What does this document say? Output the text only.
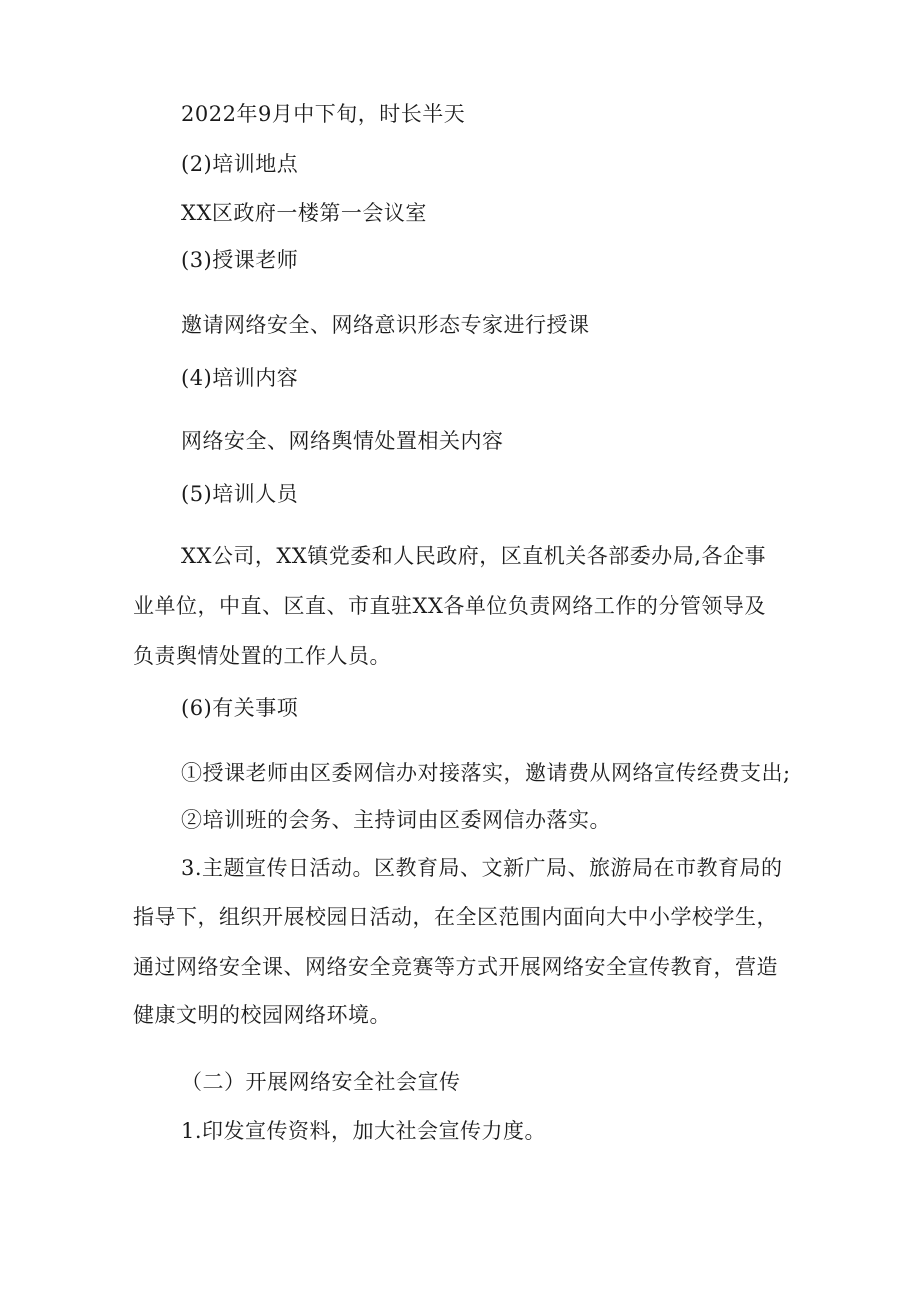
2022年9月中下旬，时长半天
(2)培训地点
XX区政府一楼第一会议室
(3)授课老师
邀请网络安全、网络意识形态专家进行授课
(4)培训内容
网络安全、网络舆情处置相关内容
(5)培训人员
XX公司，XX镇党委和人民政府，区直机关各部委办局,各企事
业单位，中直、区直、市直驻XX各单位负责网络工作的分管领导及
负责舆情处置的工作人员。
(6)有关事项
①授课老师由区委网信办对接落实，邀请费从网络宣传经费支出;
②培训班的会务、主持词由区委网信办落实。
3.主题宣传日活动。区教育局、文新广局、旅游局在市教育局的
指导下，组织开展校园日活动，在全区范围内面向大中小学校学生，
通过网络安全课、网络安全竞赛等方式开展网络安全宣传教育，营造
健康文明的校园网络环境。
（二）开展网络安全社会宣传
1.印发宣传资料，加大社会宣传力度。
